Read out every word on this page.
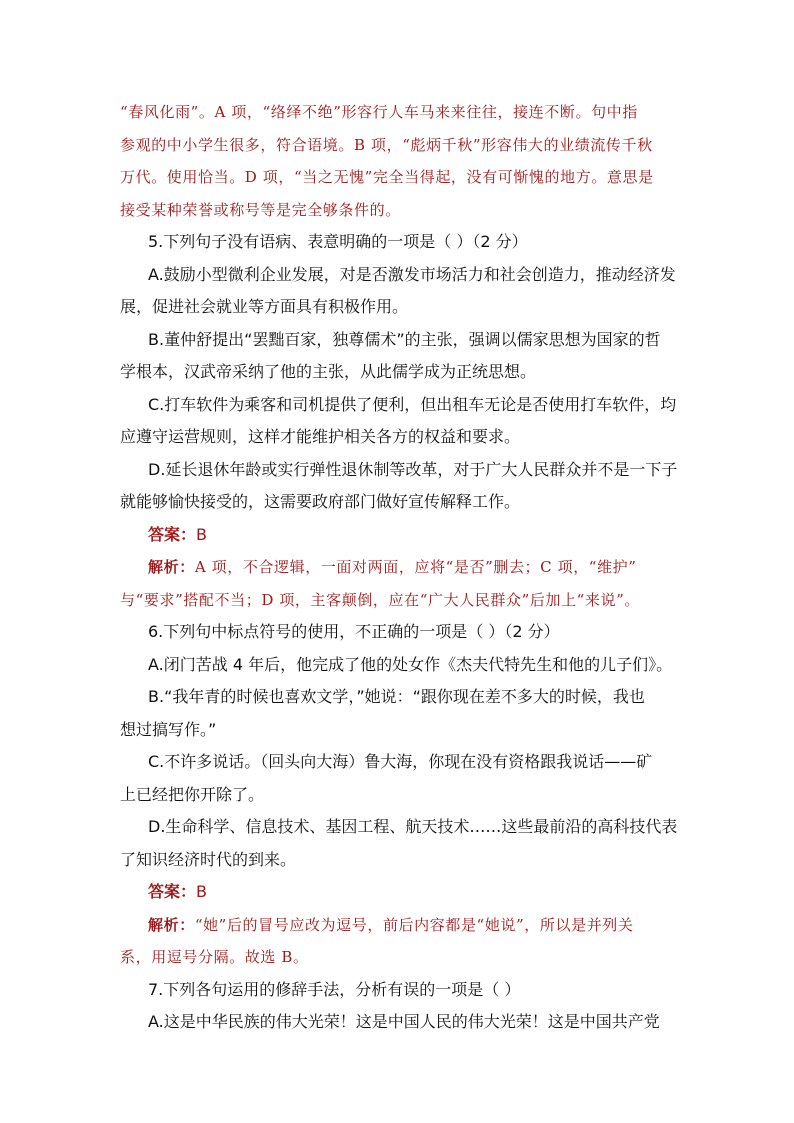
“春风化雨”。A 项，“络绎不绝”形容行人车马来来往往，接连不断。句中指
参观的中小学生很多，符合语境。B 项，“彪炳千秋”形容伟大的业绩流传千秋
万代。使用恰当。D 项，“当之无愧”完全当得起，没有可惭愧的地方。意思是
接受某种荣誉或称号等是完全够条件的。
5.下列句子没有语病、表意明确的一项是（ ）（2 分）
A.鼓励小型微利企业发展，对是否激发市场活力和社会创造力，推动经济发
展，促进社会就业等方面具有积极作用。
B.董仲舒提出“罢黜百家，独尊儒术”的主张，强调以儒家思想为国家的哲
学根本，汉武帝采纳了他的主张，从此儒学成为正统思想。
C.打车软件为乘客和司机提供了便利，但出租车无论是否使用打车软件，均
应遵守运营规则，这样才能维护相关各方的权益和要求。
D.延长退休年龄或实行弹性退休制等改革，对于广大人民群众并不是一下子
就能够愉快接受的，这需要政府部门做好宣传解释工作。
答案：B
解析：A 项，不合逻辑，一面对两面，应将“是否”删去；C 项，“维护”
与“要求”搭配不当；D 项，主客颠倒，应在“广大人民群众”后加上“来说”。
6.下列句中标点符号的使用，不正确的一项是（ ）（2 分）
A.闭门苦战 4 年后，他完成了他的处女作《杰夫代特先生和他的儿子们》。
B.“我年青的时候也喜欢文学，”她说：“跟你现在差不多大的时候，我也
想过搞写作。”
C.不许多说话。（回头向大海）鲁大海，你现在没有资格跟我说话——矿
上已经把你开除了。
D.生命科学、信息技术、基因工程、航天技术……这些最前沿的高科技代表
了知识经济时代的到来。
答案：B
解析：“她”后的冒号应改为逗号，前后内容都是“她说”，所以是并列关
系，用逗号分隔。故选 B。
7.下列各句运用的修辞手法，分析有误的一项是（ ）
A.这是中华民族的伟大光荣！这是中国人民的伟大光荣！这是中国共产党
